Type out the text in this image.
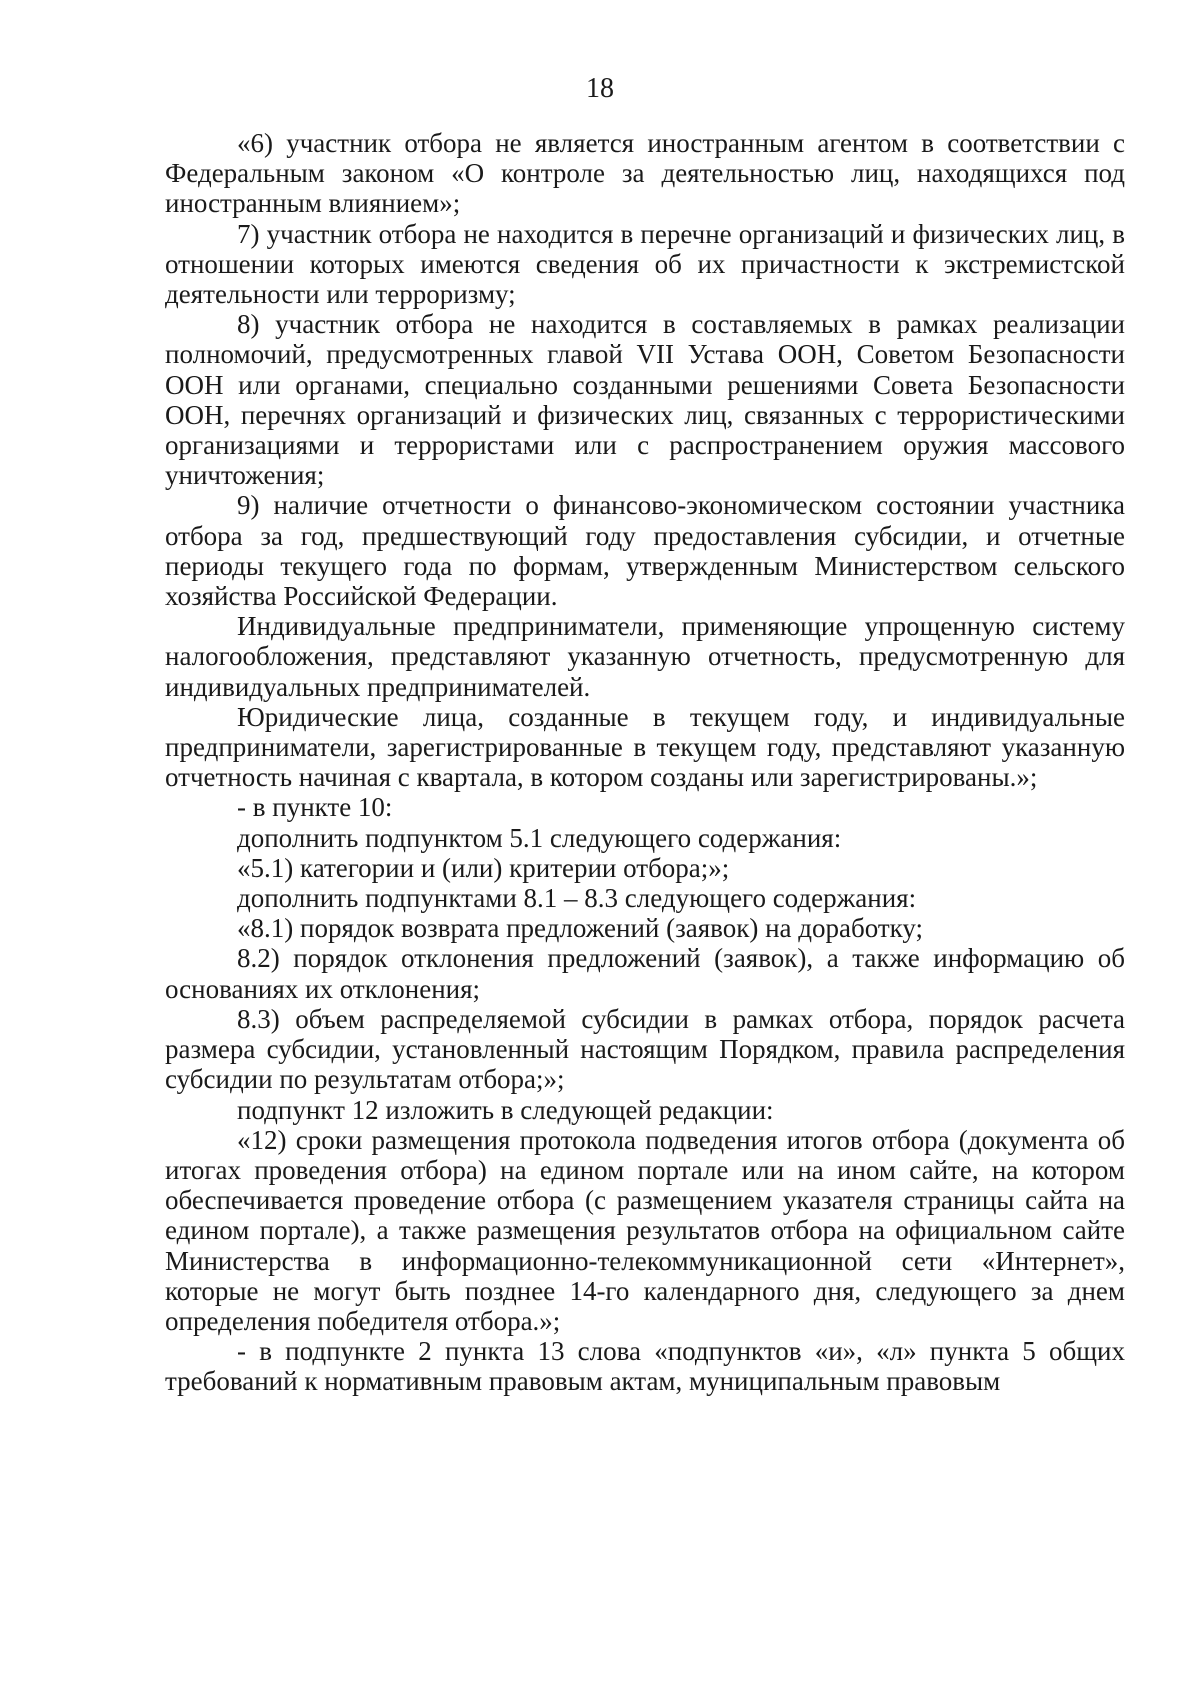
18

«6) участник отбора не является иностранным агентом в соответствии с Федеральным законом «О контроле за деятельностью лиц, находящихся под иностранным влиянием»;

7) участник отбора не находится в перечне организаций и физических лиц, в отношении которых имеются сведения об их причастности к экстремистской деятельности или терроризму;

8) участник отбора не находится в составляемых в рамках реализации полномочий, предусмотренных главой VII Устава ООН, Советом Безопасности ООН или органами, специально созданными решениями Совета Безопасности ООН, перечнях организаций и физических лиц, связанных с террористическими организациями и террористами или с распространением оружия массового уничтожения;

9) наличие отчетности о финансово-экономическом состоянии участника отбора за год, предшествующий году предоставления субсидии, и отчетные периоды текущего года по формам, утвержденным Министерством сельского хозяйства Российской Федерации.

Индивидуальные предприниматели, применяющие упрощенную систему налогообложения, представляют указанную отчетность, предусмотренную для индивидуальных предпринимателей.

Юридические лица, созданные в текущем году, и индивидуальные предприниматели, зарегистрированные в текущем году, представляют указанную отчетность начиная с квартала, в котором созданы или зарегистрированы.»;

- в пункте 10:

дополнить подпунктом 5.1 следующего содержания:

«5.1) категории и (или) критерии отбора;»;

дополнить подпунктами 8.1 – 8.3 следующего содержания:

«8.1) порядок возврата предложений (заявок) на доработку;

8.2) порядок отклонения предложений (заявок), а также информацию об основаниях их отклонения;

8.3) объем распределяемой субсидии в рамках отбора, порядок расчета размера субсидии, установленный настоящим Порядком, правила распределения субсидии по результатам отбора;»;

подпункт 12 изложить в следующей редакции:

«12) сроки размещения протокола подведения итогов отбора (документа об итогах проведения отбора) на едином портале или на ином сайте, на котором обеспечивается проведение отбора (с размещением указателя страницы сайта на едином портале), а также размещения результатов отбора на официальном сайте Министерства в информационно-телекоммуникационной сети «Интернет», которые не могут быть позднее 14-го календарного дня, следующего за днем определения победителя отбора.»;

- в подпункте 2 пункта 13 слова «подпунктов «и», «л» пункта 5 общих требований к нормативным правовым актам, муниципальным правовым
